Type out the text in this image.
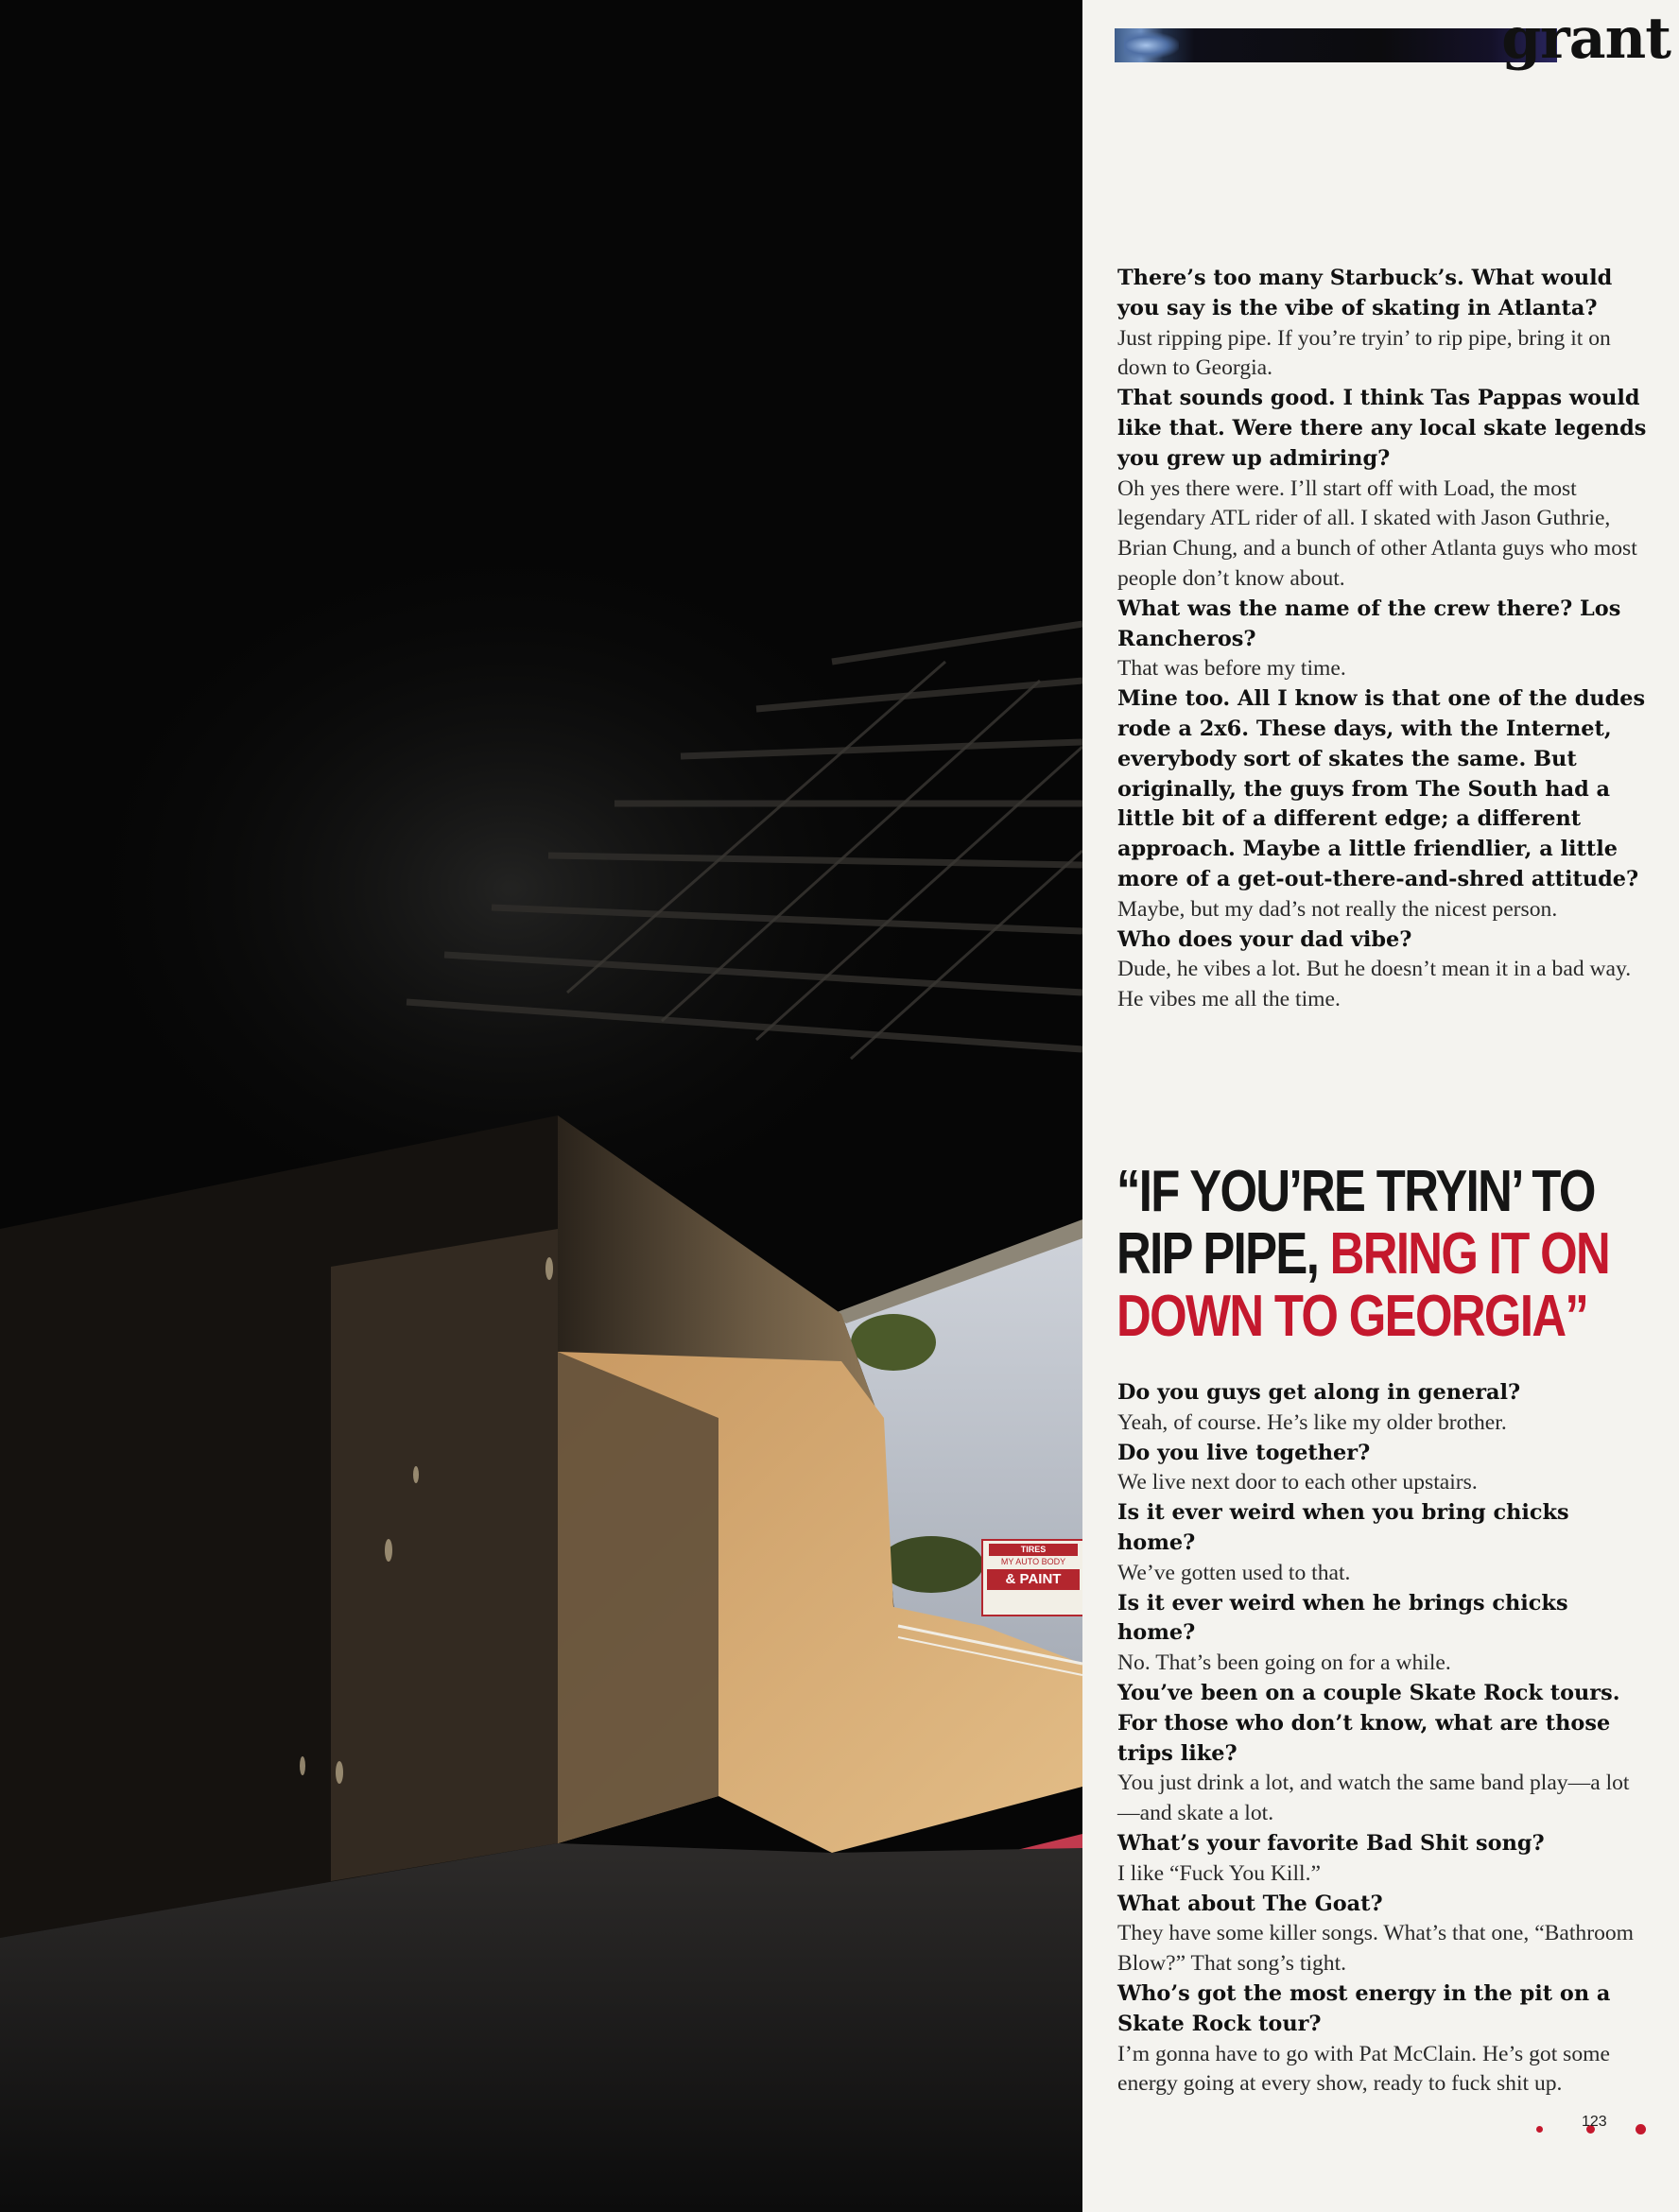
TIRES
MY AUTO BODY
& PAINT
grant

There’s too many Starbuck’s. What would you say is the vibe of skating in Atlanta?

Just ripping pipe. If you’re tryin’ to rip pipe, bring it on down to Georgia.

That sounds good. I think Tas Pappas would like that. Were there any local skate legends you grew up admiring?

Oh yes there were. I’ll start off with Load, the most legendary ATL rider of all. I skated with Jason Guthrie, Brian Chung, and a bunch of other Atlanta guys who most people don’t know about.

What was the name of the crew there? Los Rancheros?

That was before my time.

Mine too. All I know is that one of the dudes rode a 2x6. These days, with the Internet, everybody sort of skates the same. But originally, the guys from The South had a little bit of a different edge; a different approach. Maybe a little friendlier, a little more of a get-out-there-and-shred attitude?

Maybe, but my dad’s not really the nicest person.

Who does your dad vibe?

Dude, he vibes a lot. But he doesn’t mean it in a bad way. He vibes me all the time.

“IF YOU’RE TRYIN’ TO RIP PIPE, BRING IT ON DOWN TO GEORGIA”

Do you guys get along in general?

Yeah, of course. He’s like my older brother.

Do you live together?

We live next door to each other upstairs.

Is it ever weird when you bring chicks home?

We’ve gotten used to that.

Is it ever weird when he brings chicks home?

No. That’s been going on for a while.

You’ve been on a couple Skate Rock tours. For those who don’t know, what are those trips like?

You just drink a lot, and watch the same band play—a lot—and skate a lot.

What’s your favorite Bad Shit song?

I like “Fuck You Kill.”

What about The Goat?

They have some killer songs. What’s that one, “Bathroom Blow?” That song’s tight.

Who’s got the most energy in the pit on a Skate Rock tour?

I’m gonna have to go with Pat McClain. He’s got some energy going at every show, ready to fuck shit up.

123
